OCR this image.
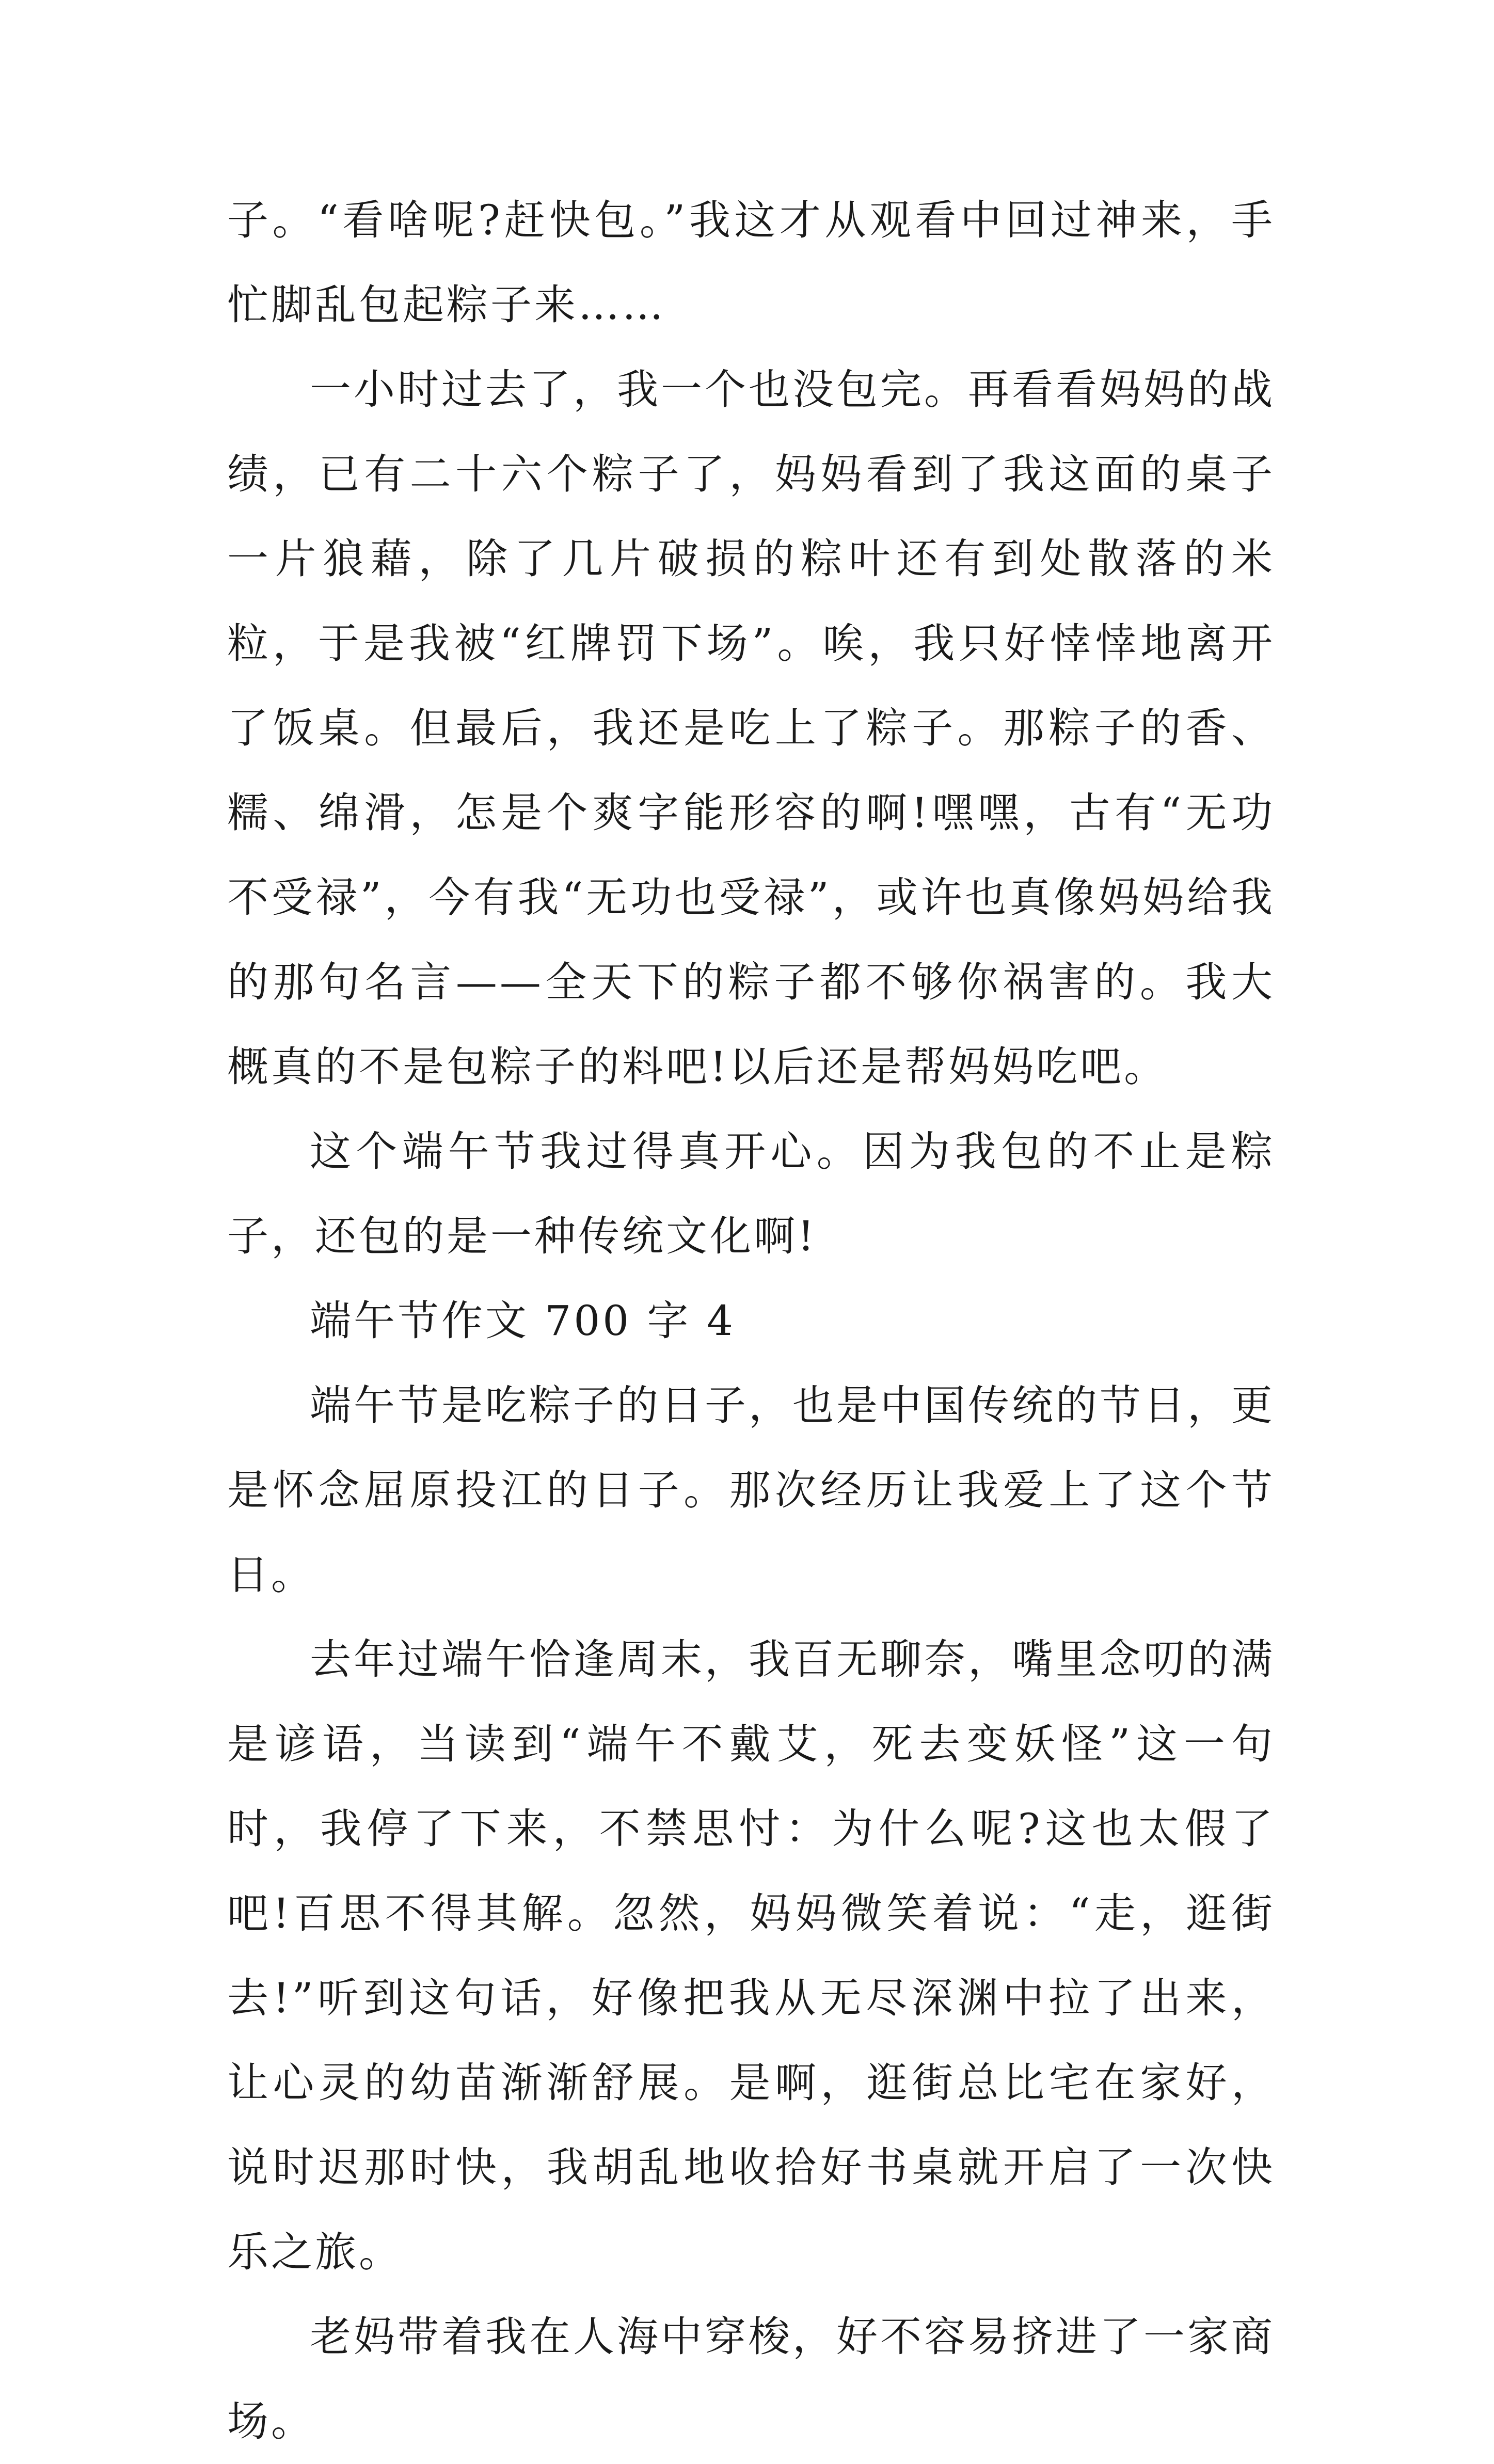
子。“看啥呢?赶快包。”我这才从观看中回过神来，手忙脚乱包起粽子来……

一小时过去了，我一个也没包完。再看看妈妈的战绩，已有二十六个粽子了，妈妈看到了我这面的桌子一片狼藉，除了几片破损的粽叶还有到处散落的米粒，于是我被“红牌罚下场”。唉，我只好悻悻地离开了饭桌。但最后，我还是吃上了粽子。那粽子的香、糯、绵滑，怎是个爽字能形容的啊!嘿嘿，古有“无功不受禄”，今有我“无功也受禄”，或许也真像妈妈给我的那句名言——全天下的粽子都不够你祸害的。我大概真的不是包粽子的料吧!以后还是帮妈妈吃吧。

这个端午节我过得真开心。因为我包的不止是粽子，还包的是一种传统文化啊!

端午节作文 700 字 4

端午节是吃粽子的日子，也是中国传统的节日，更是怀念屈原投江的日子。那次经历让我爱上了这个节日。

去年过端午恰逢周末，我百无聊奈，嘴里念叨的满是谚语，当读到“端午不戴艾，死去变妖怪”这一句时，我停了下来，不禁思忖：为什么呢?这也太假了吧!百思不得其解。忽然，妈妈微笑着说：“走，逛街去!”听到这句话，好像把我从无尽深渊中拉了出来，让心灵的幼苗渐渐舒展。是啊，逛街总比宅在家好，说时迟那时快，我胡乱地收拾好书桌就开启了一次快乐之旅。

老妈带着我在人海中穿梭，好不容易挤进了一家商场。
